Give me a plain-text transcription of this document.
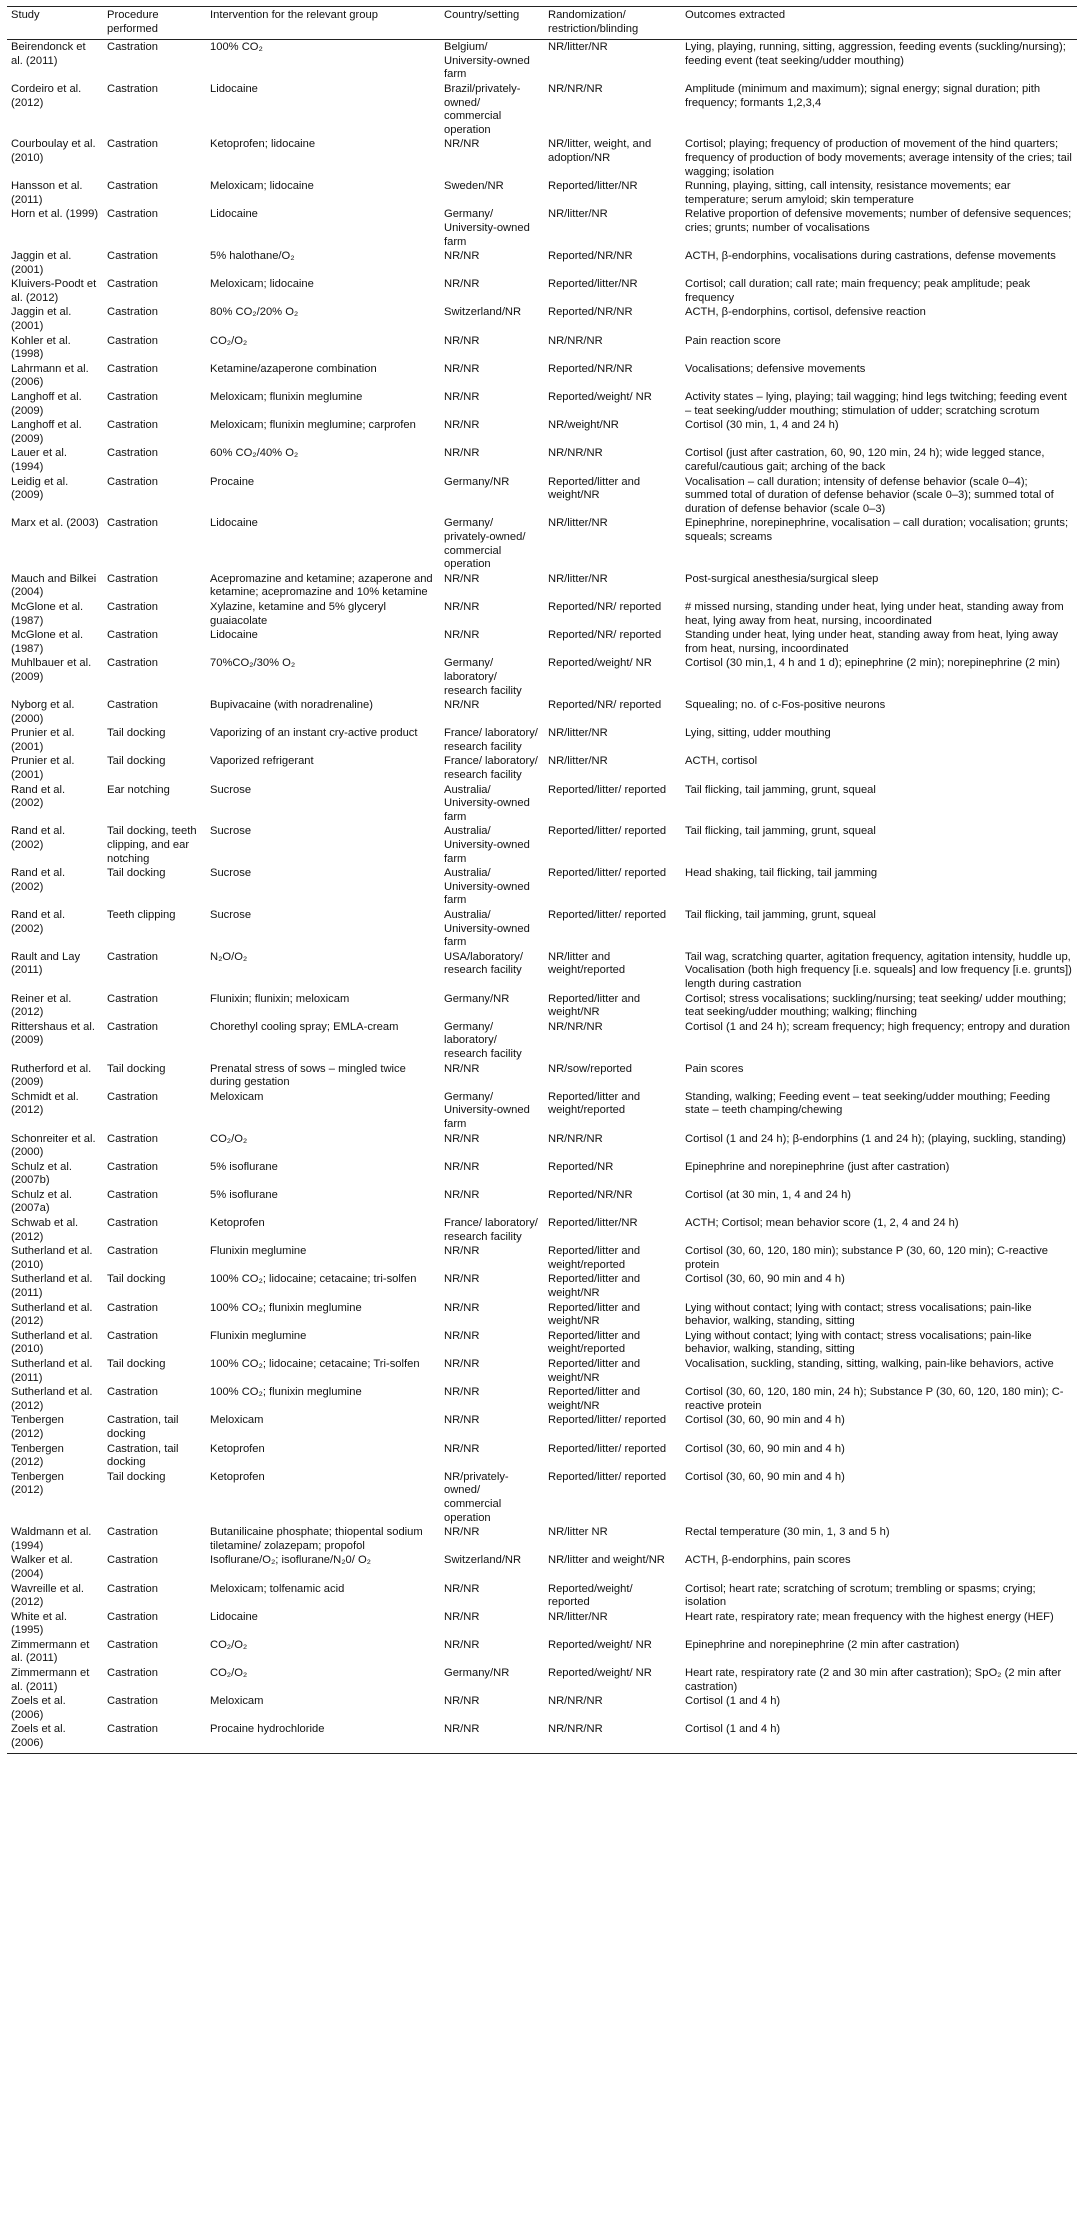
Study	Procedure performed	Intervention for the relevant group	Country/setting	Randomization/ restriction/blinding	Outcomes extracted
Beirendonck et al. (2011)	Castration	100% CO₂	Belgium/ University-owned farm	NR/litter/NR	Lying, playing, running, sitting, aggression, feeding events (suckling/nursing); feeding event (teat seeking/udder mouthing)
Cordeiro et al. (2012)	Castration	Lidocaine	Brazil/privately-owned/ commercial operation	NR/NR/NR	Amplitude (minimum and maximum); signal energy; signal duration; pith frequency; formants 1,2,3,4
Courboulay et al. (2010)	Castration	Ketoprofen; lidocaine	NR/NR	NR/litter, weight, and adoption/NR	Cortisol; playing; frequency of production of movement of the hind quarters; frequency of production of body movements; average intensity of the cries; tail wagging; isolation
Hansson et al. (2011)	Castration	Meloxicam; lidocaine	Sweden/NR	Reported/litter/NR	Running, playing, sitting, call intensity, resistance movements; ear temperature; serum amyloid; skin temperature
Horn et al. (1999)	Castration	Lidocaine	Germany/ University-owned farm	NR/litter/NR	Relative proportion of defensive movements; number of defensive sequences; cries; grunts; number of vocalisations
Jaggin et al. (2001)	Castration	5% halothane/O₂	NR/NR	Reported/NR/NR	ACTH, β-endorphins, vocalisations during castrations, defense movements
Kluivers-Poodt et al. (2012)	Castration	Meloxicam; lidocaine	NR/NR	Reported/litter/NR	Cortisol; call duration; call rate; main frequency; peak amplitude; peak frequency
Jaggin et al. (2001)	Castration	80% CO₂/20% O₂	Switzerland/NR	Reported/NR/NR	ACTH, β-endorphins, cortisol, defensive reaction
Kohler et al. (1998)	Castration	CO₂/O₂	NR/NR	NR/NR/NR	Pain reaction score
Lahrmann et al. (2006)	Castration	Ketamine/azaperone combination	NR/NR	Reported/NR/NR	Vocalisations; defensive movements
Langhoff et al. (2009)	Castration	Meloxicam; flunixin meglumine	NR/NR	Reported/weight/ NR	Activity states – lying, playing; tail wagging; hind legs twitching; feeding event – teat seeking/udder mouthing; stimulation of udder; scratching scrotum
Langhoff et al. (2009)	Castration	Meloxicam; flunixin meglumine; carprofen	NR/NR	NR/weight/NR	Cortisol (30 min, 1, 4 and 24 h)
Lauer et al. (1994)	Castration	60% CO₂/40% O₂	NR/NR	NR/NR/NR	Cortisol (just after castration, 60, 90, 120 min, 24 h); wide legged stance, careful/cautious gait; arching of the back
Leidig et al. (2009)	Castration	Procaine	Germany/NR	Reported/litter and weight/NR	Vocalisation – call duration; intensity of defense behavior (scale 0–4); summed total of duration of defense behavior (scale 0–3); summed total of duration of defense behavior (scale 0–3)
Marx et al. (2003)	Castration	Lidocaine	Germany/ privately-owned/ commercial operation	NR/litter/NR	Epinephrine, norepinephrine, vocalisation – call duration; vocalisation; grunts; squeals; screams
Mauch and Bilkei (2004)	Castration	Acepromazine and ketamine; azaperone and ketamine; acepromazine and 10% ketamine	NR/NR	NR/litter/NR	Post-surgical anesthesia/surgical sleep
McGlone et al. (1987)	Castration	Xylazine, ketamine and 5% glyceryl guaiacolate	NR/NR	Reported/NR/ reported	# missed nursing, standing under heat, lying under heat, standing away from heat, lying away from heat, nursing, incoordinated
McGlone et al. (1987)	Castration	Lidocaine	NR/NR	Reported/NR/ reported	Standing under heat, lying under heat, standing away from heat, lying away from heat, nursing, incoordinated
Muhlbauer et al. (2009)	Castration	70%CO₂/30% O₂	Germany/ laboratory/ research facility	Reported/weight/ NR	Cortisol (30 min,1, 4 h and 1 d); epinephrine (2 min); norepinephrine (2 min)
Nyborg et al. (2000)	Castration	Bupivacaine (with noradrenaline)	NR/NR	Reported/NR/ reported	Squealing; no. of c-Fos-positive neurons
Prunier et al. (2001)	Tail docking	Vaporizing of an instant cry-active product	France/ laboratory/ research facility	NR/litter/NR	Lying, sitting, udder mouthing
Prunier et al. (2001)	Tail docking	Vaporized refrigerant	France/ laboratory/ research facility	NR/litter/NR	ACTH, cortisol
Rand et al. (2002)	Ear notching	Sucrose	Australia/ University-owned farm	Reported/litter/ reported	Tail flicking, tail jamming, grunt, squeal
Rand et al. (2002)	Tail docking, teeth clipping, and ear notching	Sucrose	Australia/ University-owned farm	Reported/litter/ reported	Tail flicking, tail jamming, grunt, squeal
Rand et al. (2002)	Tail docking	Sucrose	Australia/ University-owned farm	Reported/litter/ reported	Head shaking, tail flicking, tail jamming
Rand et al. (2002)	Teeth clipping	Sucrose	Australia/ University-owned farm	Reported/litter/ reported	Tail flicking, tail jamming, grunt, squeal
Rault and Lay (2011)	Castration	N₂O/O₂	USA/laboratory/ research facility	NR/litter and weight/reported	Tail wag, scratching quarter, agitation frequency, agitation intensity, huddle up, Vocalisation (both high frequency [i.e. squeals] and low frequency [i.e. grunts]) length during castration
Reiner et al. (2012)	Castration	Flunixin; flunixin; meloxicam	Germany/NR	Reported/litter and weight/NR	Cortisol; stress vocalisations; suckling/nursing; teat seeking/ udder mouthing; teat seeking/udder mouthing; walking; flinching
Rittershaus et al. (2009)	Castration	Chorethyl cooling spray; EMLA-cream	Germany/ laboratory/ research facility	NR/NR/NR	Cortisol (1 and 24 h); scream frequency; high frequency; entropy and duration
Rutherford et al. (2009)	Tail docking	Prenatal stress of sows – mingled twice during gestation	NR/NR	NR/sow/reported	Pain scores
Schmidt et al. (2012)	Castration	Meloxicam	Germany/ University-owned farm	Reported/litter and weight/reported	Standing, walking; Feeding event – teat seeking/udder mouthing; Feeding state – teeth champing/chewing
Schonreiter et al. (2000)	Castration	CO₂/O₂	NR/NR	NR/NR/NR	Cortisol (1 and 24 h); β-endorphins (1 and 24 h); (playing, suckling, standing)
Schulz et al. (2007b)	Castration	5% isoflurane	NR/NR	Reported/NR	Epinephrine and norepinephrine (just after castration)
Schulz et al. (2007a)	Castration	5% isoflurane	NR/NR	Reported/NR/NR	Cortisol (at 30 min, 1, 4 and 24 h)
Schwab et al. (2012)	Castration	Ketoprofen	France/ laboratory/ research facility	Reported/litter/NR	ACTH; Cortisol; mean behavior score (1, 2, 4 and 24 h)
Sutherland et al. (2010)	Castration	Flunixin meglumine	NR/NR	Reported/litter and weight/reported	Cortisol (30, 60, 120, 180 min); substance P (30, 60, 120 min); C-reactive protein
Sutherland et al. (2011)	Tail docking	100% CO₂; lidocaine; cetacaine; tri-solfen	NR/NR	Reported/litter and weight/NR	Cortisol (30, 60, 90 min and 4 h)
Sutherland et al. (2012)	Castration	100% CO₂; flunixin meglumine	NR/NR	Reported/litter and weight/NR	Lying without contact; lying with contact; stress vocalisations; pain-like behavior, walking, standing, sitting
Sutherland et al. (2010)	Castration	Flunixin meglumine	NR/NR	Reported/litter and weight/reported	Lying without contact; lying with contact; stress vocalisations; pain-like behavior, walking, standing, sitting
Sutherland et al. (2011)	Tail docking	100% CO₂; lidocaine; cetacaine; Tri-solfen	NR/NR	Reported/litter and weight/NR	Vocalisation, suckling, standing, sitting, walking, pain-like behaviors, active
Sutherland et al. (2012)	Castration	100% CO₂; flunixin meglumine	NR/NR	Reported/litter and weight/NR	Cortisol (30, 60, 120, 180 min, 24 h); Substance P (30, 60, 120, 180 min); C-reactive protein
Tenbergen (2012)	Castration, tail docking	Meloxicam	NR/NR	Reported/litter/ reported	Cortisol (30, 60, 90 min and 4 h)
Tenbergen (2012)	Castration, tail docking	Ketoprofen	NR/NR	Reported/litter/ reported	Cortisol (30, 60, 90 min and 4 h)
Tenbergen (2012)	Tail docking	Ketoprofen	NR/privately-owned/ commercial operation	Reported/litter/ reported	Cortisol (30, 60, 90 min and 4 h)
Waldmann et al. (1994)	Castration	Butanilicaine phosphate; thiopental sodium tiletamine/ zolazepam; propofol	NR/NR	NR/litter NR	Rectal temperature (30 min, 1, 3 and 5 h)
Walker et al. (2004)	Castration	Isoflurane/O₂; isoflurane/N₂0/ O₂	Switzerland/NR	NR/litter and weight/NR	ACTH, β-endorphins, pain scores
Wavreille et al. (2012)	Castration	Meloxicam; tolfenamic acid	NR/NR	Reported/weight/ reported	Cortisol; heart rate; scratching of scrotum; trembling or spasms; crying; isolation
White et al. (1995)	Castration	Lidocaine	NR/NR	NR/litter/NR	Heart rate, respiratory rate; mean frequency with the highest energy (HEF)
Zimmermann et al. (2011)	Castration	CO₂/O₂	NR/NR	Reported/weight/ NR	Epinephrine and norepinephrine (2 min after castration)
Zimmermann et al. (2011)	Castration	CO₂/O₂	Germany/NR	Reported/weight/ NR	Heart rate, respiratory rate (2 and 30 min after castration); SpO₂ (2 min after castration)
Zoels et al. (2006)	Castration	Meloxicam	NR/NR	NR/NR/NR	Cortisol (1 and 4 h)
Zoels et al. (2006)	Castration	Procaine hydrochloride	NR/NR	NR/NR/NR	Cortisol (1 and 4 h)
